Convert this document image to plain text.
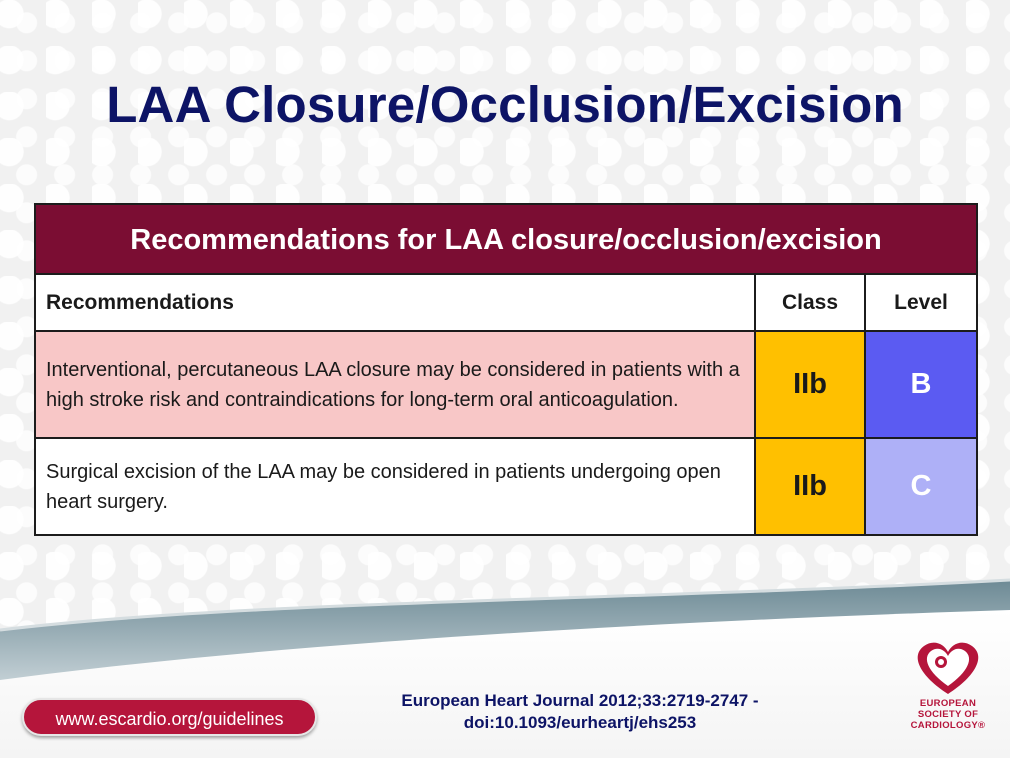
LAA Closure/Occlusion/Excision
Recommendations for LAA closure/occlusion/excision
Recommendations	Class	Level
Interventional, percutaneous LAA closure may be considered in patients with a high stroke risk and contraindications for long-term oral anticoagulation.	IIb	B
Surgical excision of the LAA may be considered in patients undergoing open heart surgery.	IIb	C
www.escardio.org/guidelines
European Heart Journal 2012;33:2719-2747 -
doi:10.1093/eurheartj/ehs253
EUROPEAN
SOCIETY OF
CARDIOLOGY®
